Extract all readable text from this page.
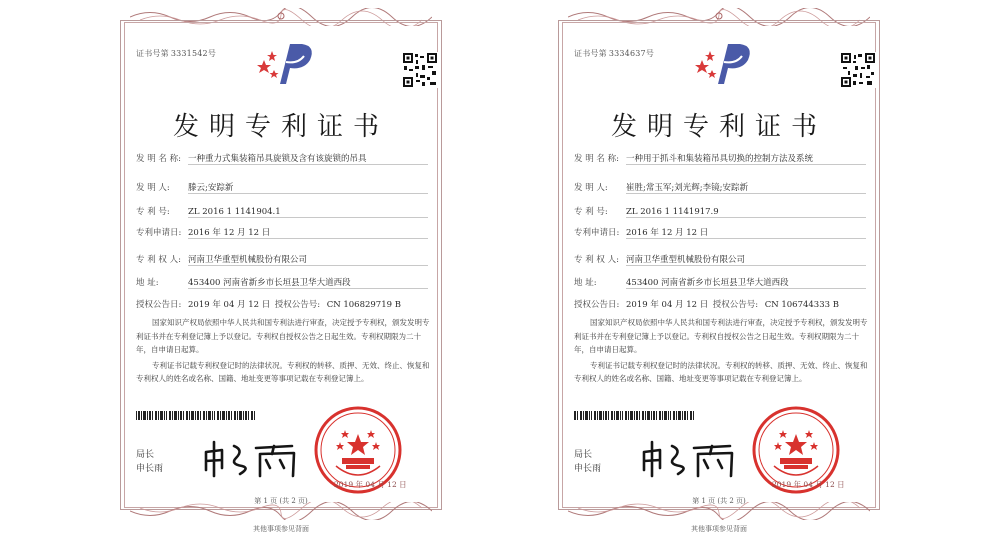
证书号第 3331542号
发明专利证书
发 明 名 称: 一种重力式集装箱吊具旋锁及含有该旋锁的吊具
发 明 人: 滕云;安踪新
专 利 号: ZL 2016 1 1141904.1
专利申请日: 2016 年 12 月 12 日
专 利 权 人: 河南卫华重型机械股份有限公司
地 址:	453400 河南省新乡市长垣县卫华大道西段
授权公告日: 2019 年 04 月 12 日 授权公告号: CN 106829719 B

国家知识产权局依照中华人民共和国专利法进行审查，决定授予专利权，颁发发明专利证书并在专利登记簿上予以登记。专利权自授权公告之日起生效。专利权期限为二十年，自申请日起算。

专利证书记载专利权登记时的法律状况。专利权的转移、质押、无效、终止、恢复和专利权人的姓名或名称、国籍、地址变更等事项记载在专利登记簿上。

局长
申长雨
2019 年 04 月 12 日
第 1 页 (共 2 页)
其他事项参见背面
证书号第 3334637号
发明专利证书
发 明 名 称: 一种用于抓斗和集装箱吊具切换的控制方法及系统
发 明 人: 崔胜;常玉军;刘光辉;李镜;安踪新
专 利 号: ZL 2016 1 1141917.9
专利申请日: 2016 年 12 月 12 日
专 利 权 人: 河南卫华重型机械股份有限公司
地 址:	453400 河南省新乡市长垣县卫华大道西段
授权公告日: 2019 年 04 月 12 日 授权公告号: CN 106744333 B

国家知识产权局依照中华人民共和国专利法进行审查，决定授予专利权，颁发发明专利证书并在专利登记簿上予以登记。专利权自授权公告之日起生效。专利权期限为二十年，自申请日起算。

专利证书记载专利权登记时的法律状况。专利权的转移、质押、无效、终止、恢复和专利权人的姓名或名称、国籍、地址变更等事项记载在专利登记簿上。

局长
申长雨
2019 年 04 月 12 日
第 1 页 (共 2 页)
其他事项参见背面
